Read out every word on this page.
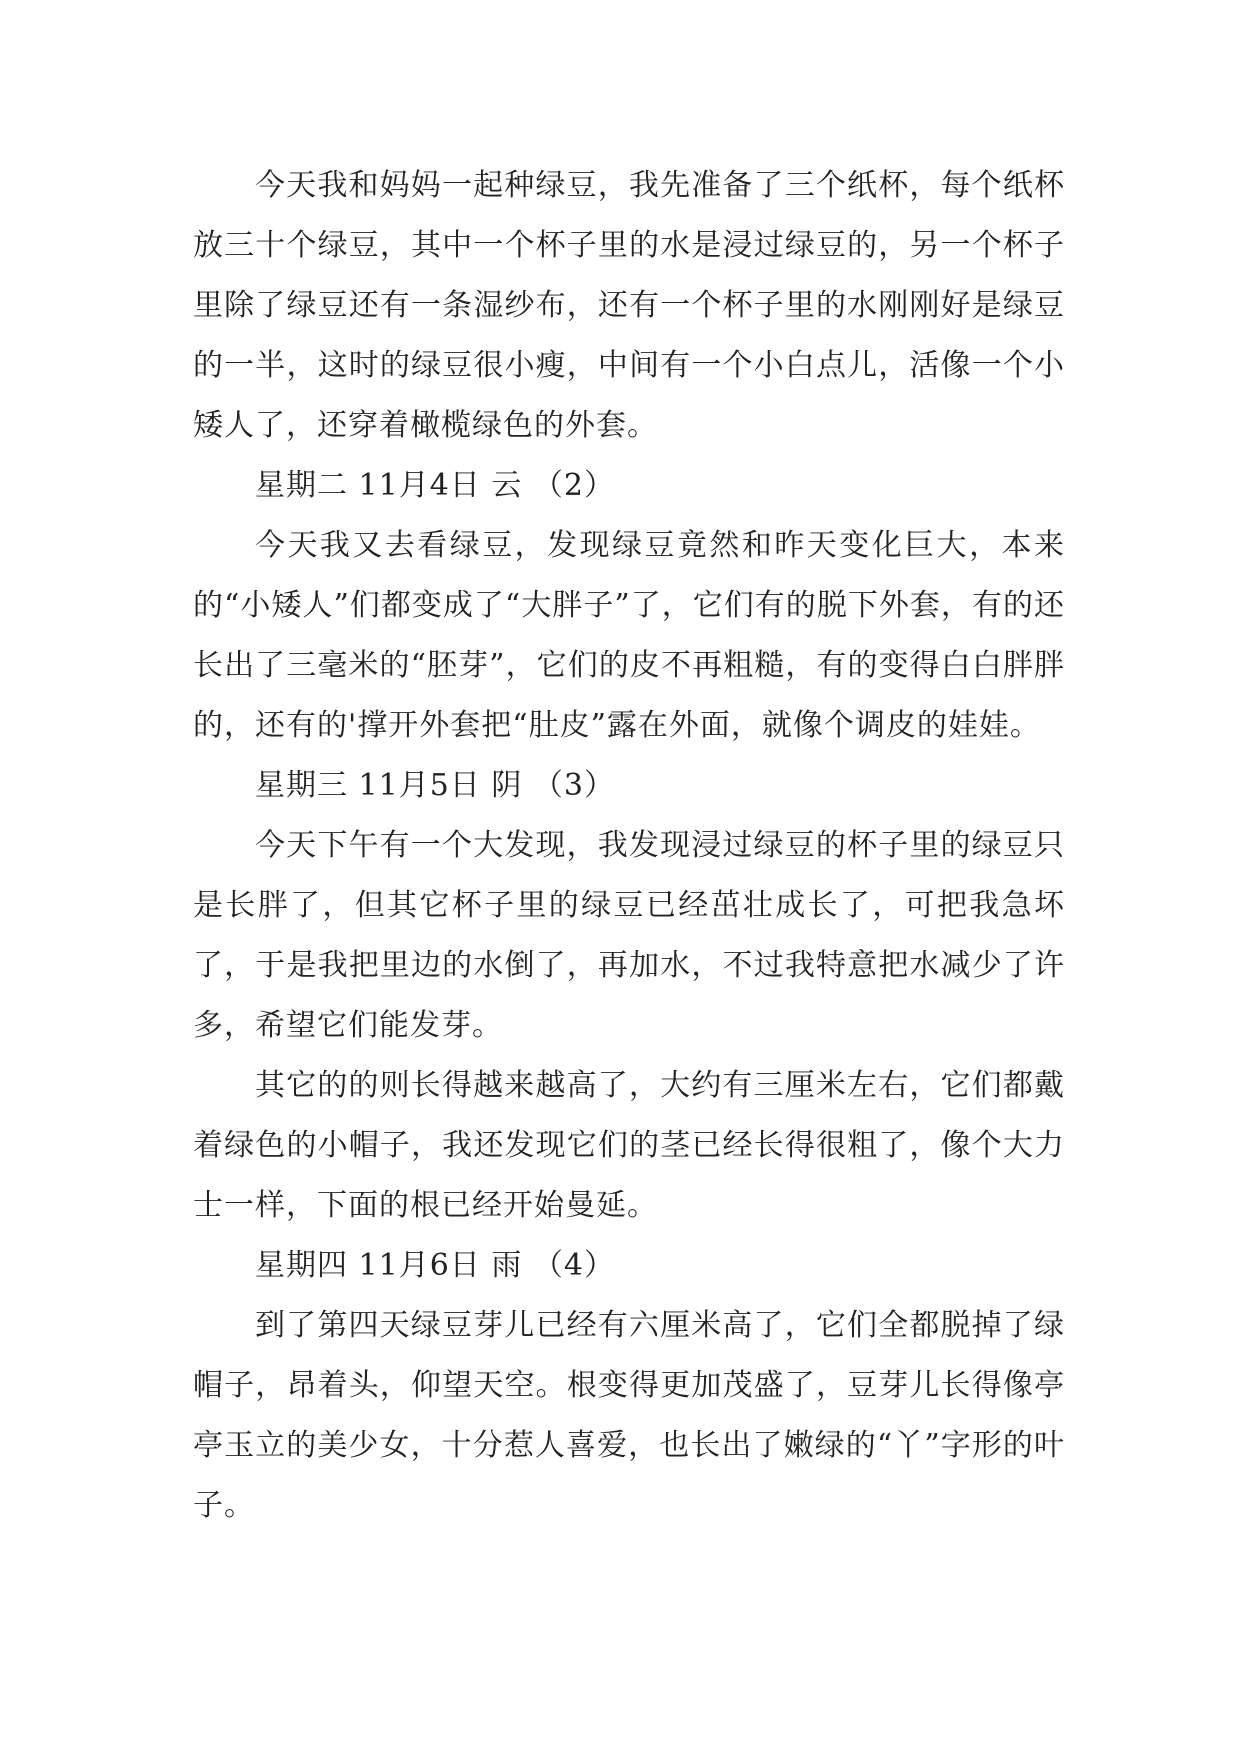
今天我和妈妈一起种绿豆，我先准备了三个纸杯，每个纸杯放三十个绿豆，其中一个杯子里的水是浸过绿豆的，另一个杯子里除了绿豆还有一条湿纱布，还有一个杯子里的水刚刚好是绿豆的一半，这时的绿豆很小瘦，中间有一个小白点儿，活像一个小矮人了，还穿着橄榄绿色的外套。

星期二 11月4日 云 （2）

今天我又去看绿豆，发现绿豆竟然和昨天变化巨大，本来的“小矮人”们都变成了“大胖子”了，它们有的脱下外套，有的还长出了三毫米的“胚芽”，它们的皮不再粗糙，有的变得白白胖胖的，还有的'撑开外套把“肚皮”露在外面，就像个调皮的娃娃。

星期三 11月5日 阴 （3）

今天下午有一个大发现，我发现浸过绿豆的杯子里的绿豆只是长胖了，但其它杯子里的绿豆已经茁壮成长了，可把我急坏了，于是我把里边的水倒了，再加水，不过我特意把水减少了许多，希望它们能发芽。

其它的的则长得越来越高了，大约有三厘米左右，它们都戴着绿色的小帽子，我还发现它们的茎已经长得很粗了，像个大力士一样，下面的根已经开始曼延。

星期四 11月6日 雨 （4）

到了第四天绿豆芽儿已经有六厘米高了，它们全都脱掉了绿帽子，昂着头，仰望天空。根变得更加茂盛了，豆芽儿长得像亭亭玉立的美少女，十分惹人喜爱，也长出了嫩绿的“丫”字形的叶子。
